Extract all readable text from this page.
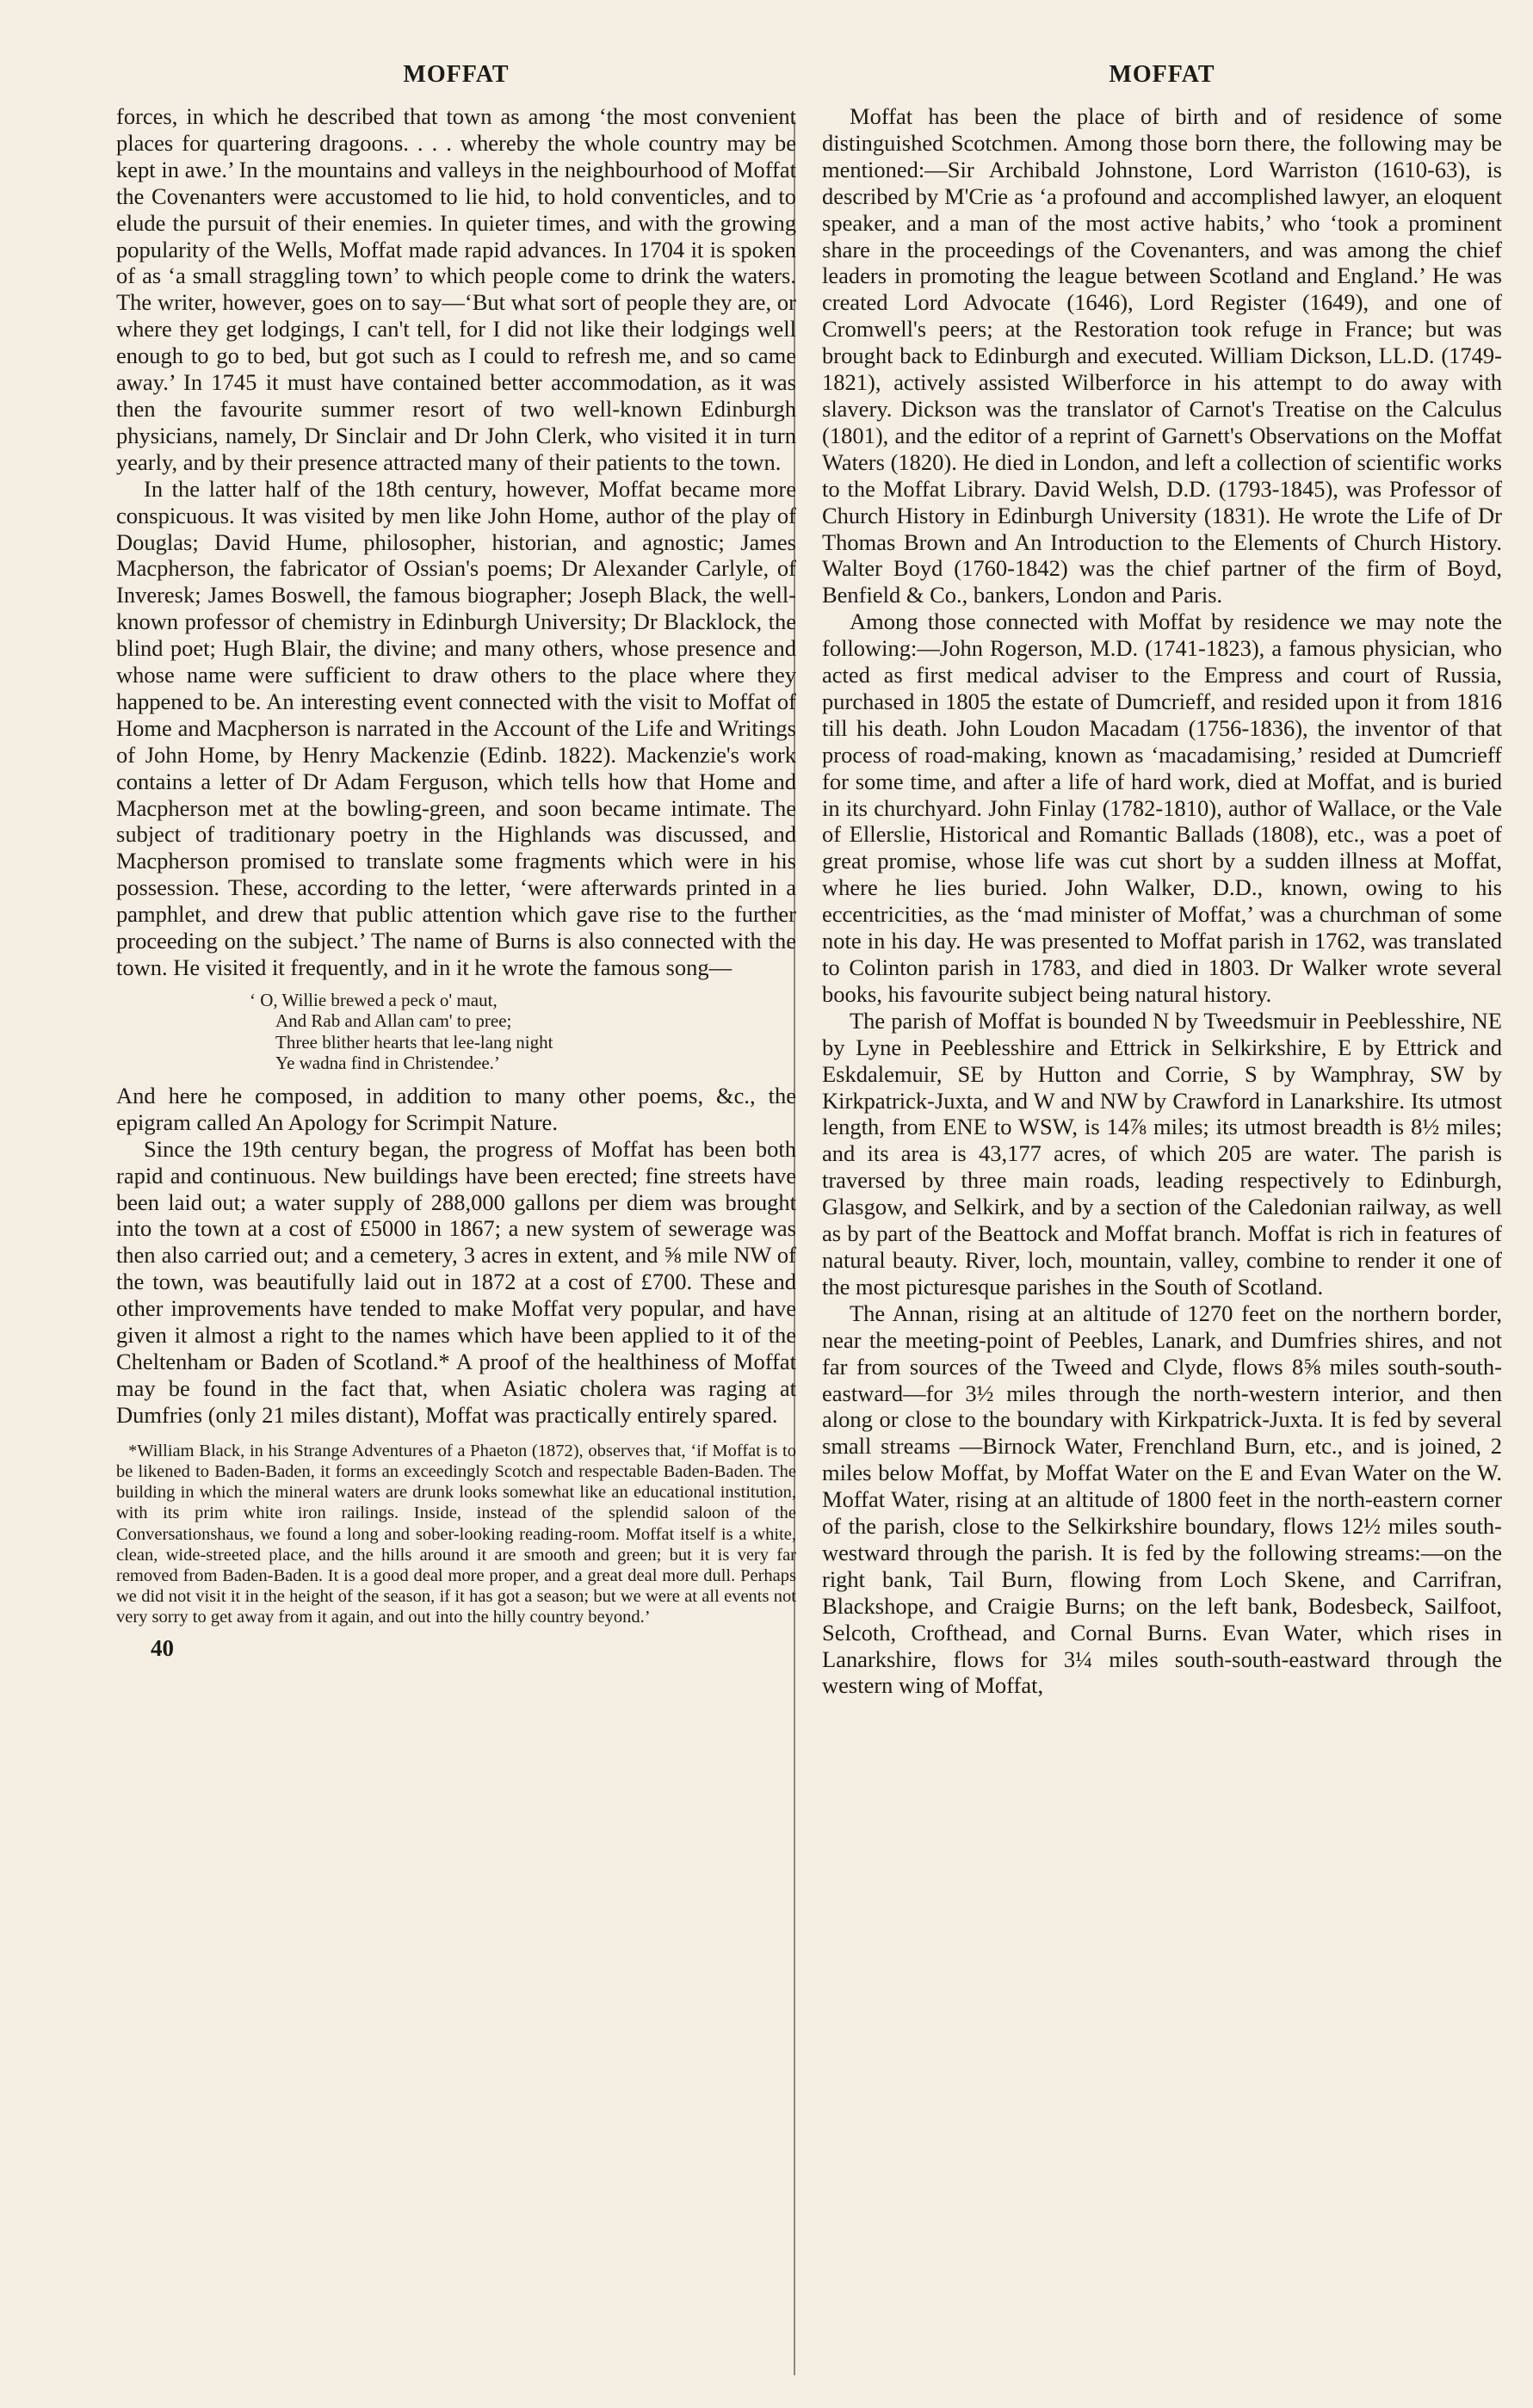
MOFFAT

forces, in which he described that town as among ‘the most convenient places for quartering dragoons. . . . whereby the whole country may be kept in awe.’ In the mountains and valleys in the neighbourhood of Moffat the Covenanters were accustomed to lie hid, to hold conventicles, and to elude the pursuit of their enemies. In quieter times, and with the growing popularity of the Wells, Moffat made rapid advances. In 1704 it is spoken of as ‘a small straggling town’ to which people come to drink the waters. The writer, however, goes on to say—‘But what sort of people they are, or where they get lodgings, I can't tell, for I did not like their lodgings well enough to go to bed, but got such as I could to refresh me, and so came away.’ In 1745 it must have contained better accommodation, as it was then the favourite summer resort of two well-known Edinburgh physicians, namely, Dr Sinclair and Dr John Clerk, who visited it in turn yearly, and by their presence attracted many of their patients to the town.

In the latter half of the 18th century, however, Moffat became more conspicuous. It was visited by men like John Home, author of the play of Douglas; David Hume, philosopher, historian, and agnostic; James Macpherson, the fabricator of Ossian's poems; Dr Alexander Carlyle, of Inveresk; James Boswell, the famous biographer; Joseph Black, the well-known professor of chemistry in Edinburgh University; Dr Blacklock, the blind poet; Hugh Blair, the divine; and many others, whose presence and whose name were sufficient to draw others to the place where they happened to be. An interesting event connected with the visit to Moffat of Home and Macpherson is narrated in the Account of the Life and Writings of John Home, by Henry Mackenzie (Edinb. 1822). Mackenzie's work contains a letter of Dr Adam Ferguson, which tells how that Home and Macpherson met at the bowling-green, and soon became intimate. The subject of traditionary poetry in the Highlands was discussed, and Macpherson promised to translate some fragments which were in his possession. These, according to the letter, ‘were afterwards printed in a pamphlet, and drew that public attention which gave rise to the further proceeding on the subject.’ The name of Burns is also connected with the town. He visited it frequently, and in it he wrote the famous song—

‘ O, Willie brewed a peck o' maut,
And Rab and Allan cam' to pree;
Three blither hearts that lee-lang night
Ye wadna find in Christendee.’

And here he composed, in addition to many other poems, &c., the epigram called An Apology for Scrimpit Nature.

Since the 19th century began, the progress of Moffat has been both rapid and continuous. New buildings have been erected; fine streets have been laid out; a water supply of 288,000 gallons per diem was brought into the town at a cost of £5000 in 1867; a new system of sewerage was then also carried out; and a cemetery, 3 acres in extent, and ⅝ mile NW of the town, was beautifully laid out in 1872 at a cost of £700. These and other improvements have tended to make Moffat very popular, and have given it almost a right to the names which have been applied to it of the Cheltenham or Baden of Scotland.* A proof of the healthiness of Moffat may be found in the fact that, when Asiatic cholera was raging at Dumfries (only 21 miles distant), Moffat was practically entirely spared.

*William Black, in his Strange Adventures of a Phaeton (1872), observes that, ‘if Moffat is to be likened to Baden-Baden, it forms an exceedingly Scotch and respectable Baden-Baden. The building in which the mineral waters are drunk looks somewhat like an educational institution, with its prim white iron railings. Inside, instead of the splendid saloon of the Conversationshaus, we found a long and sober-looking reading-room. Moffat itself is a white, clean, wide-streeted place, and the hills around it are smooth and green; but it is very far removed from Baden-Baden. It is a good deal more proper, and a great deal more dull. Perhaps we did not visit it in the height of the season, if it has got a season; but we were at all events not very sorry to get away from it again, and out into the hilly country beyond.’

40
MOFFAT

Moffat has been the place of birth and of residence of some distinguished Scotchmen. Among those born there, the following may be mentioned:—Sir Archibald Johnstone, Lord Warriston (1610-63), is described by M'Crie as ‘a profound and accomplished lawyer, an eloquent speaker, and a man of the most active habits,’ who ‘took a prominent share in the proceedings of the Covenanters, and was among the chief leaders in promoting the league between Scotland and England.’ He was created Lord Advocate (1646), Lord Register (1649), and one of Cromwell's peers; at the Restoration took refuge in France; but was brought back to Edinburgh and executed. William Dickson, LL.D. (1749-1821), actively assisted Wilberforce in his attempt to do away with slavery. Dickson was the translator of Carnot's Treatise on the Calculus (1801), and the editor of a reprint of Garnett's Observations on the Moffat Waters (1820). He died in London, and left a collection of scientific works to the Moffat Library. David Welsh, D.D. (1793-1845), was Professor of Church History in Edinburgh University (1831). He wrote the Life of Dr Thomas Brown and An Introduction to the Elements of Church History. Walter Boyd (1760-1842) was the chief partner of the firm of Boyd, Benfield & Co., bankers, London and Paris.

Among those connected with Moffat by residence we may note the following:—John Rogerson, M.D. (1741-1823), a famous physician, who acted as first medical adviser to the Empress and court of Russia, purchased in 1805 the estate of Dumcrieff, and resided upon it from 1816 till his death. John Loudon Macadam (1756-1836), the inventor of that process of road-making, known as ‘macadamising,’ resided at Dumcrieff for some time, and after a life of hard work, died at Moffat, and is buried in its churchyard. John Finlay (1782-1810), author of Wallace, or the Vale of Ellerslie, Historical and Romantic Ballads (1808), etc., was a poet of great promise, whose life was cut short by a sudden illness at Moffat, where he lies buried. John Walker, D.D., known, owing to his eccentricities, as the ‘mad minister of Moffat,’ was a churchman of some note in his day. He was presented to Moffat parish in 1762, was translated to Colinton parish in 1783, and died in 1803. Dr Walker wrote several books, his favourite subject being natural history.

The parish of Moffat is bounded N by Tweedsmuir in Peeblesshire, NE by Lyne in Peeblesshire and Ettrick in Selkirkshire, E by Ettrick and Eskdalemuir, SE by Hutton and Corrie, S by Wamphray, SW by Kirkpatrick-Juxta, and W and NW by Crawford in Lanarkshire. Its utmost length, from ENE to WSW, is 14⅞ miles; its utmost breadth is 8½ miles; and its area is 43,177 acres, of which 205 are water. The parish is traversed by three main roads, leading respectively to Edinburgh, Glasgow, and Selkirk, and by a section of the Caledonian railway, as well as by part of the Beattock and Moffat branch. Moffat is rich in features of natural beauty. River, loch, mountain, valley, combine to render it one of the most picturesque parishes in the South of Scotland.

The Annan, rising at an altitude of 1270 feet on the northern border, near the meeting-point of Peebles, Lanark, and Dumfries shires, and not far from sources of the Tweed and Clyde, flows 8⅝ miles south-south-eastward—for 3½ miles through the north-western interior, and then along or close to the boundary with Kirkpatrick-Juxta. It is fed by several small streams —Birnock Water, Frenchland Burn, etc., and is joined, 2 miles below Moffat, by Moffat Water on the E and Evan Water on the W. Moffat Water, rising at an altitude of 1800 feet in the north-eastern corner of the parish, close to the Selkirkshire boundary, flows 12½ miles south-westward through the parish. It is fed by the following streams:—on the right bank, Tail Burn, flowing from Loch Skene, and Carrifran, Blackshope, and Craigie Burns; on the left bank, Bodesbeck, Sailfoot, Selcoth, Crofthead, and Cornal Burns. Evan Water, which rises in Lanarkshire, flows for 3¼ miles south-south-eastward through the western wing of Moffat,
